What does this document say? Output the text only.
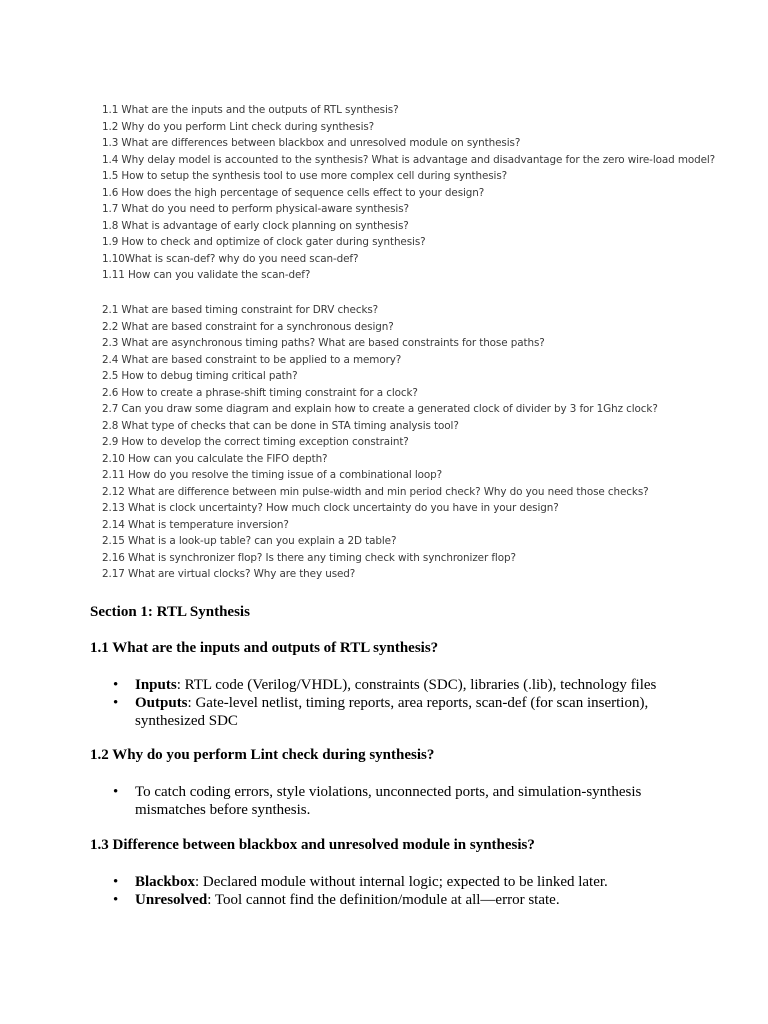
1.1 What are the inputs and the outputs of RTL synthesis?
1.2 Why do you perform Lint check during synthesis?
1.3 What are differences between blackbox and unresolved module on synthesis?
1.4 Why delay model is accounted to the synthesis? What is advantage and disadvantage for the zero wire-load model?
1.5 How to setup the synthesis tool to use more complex cell during synthesis?
1.6 How does the high percentage of sequence cells effect to your design?
1.7 What do you need to perform physical-aware synthesis?
1.8 What is advantage of early clock planning on synthesis?
1.9 How to check and optimize of clock gater during synthesis?
1.10What is scan-def? why do you need scan-def?
1.11 How can you validate the scan-def?
2.1 What are based timing constraint for DRV checks?
2.2 What are based constraint for a synchronous design?
2.3 What are asynchronous timing paths? What are based constraints for those paths?
2.4 What are based constraint to be applied to a memory?
2.5 How to debug timing critical path?
2.6 How to create a phrase-shift timing constraint for a clock?
2.7 Can you draw some diagram and explain how to create a generated clock of divider by 3 for 1Ghz clock?
2.8 What type of checks that can be done in STA timing analysis tool?
2.9 How to develop the correct timing exception constraint?
2.10 How can you calculate the FIFO depth?
2.11 How do you resolve the timing issue of a combinational loop?
2.12 What are difference between min pulse-width and min period check? Why do you need those checks?
2.13 What is clock uncertainty? How much clock uncertainty do you have in your design?
2.14 What is temperature inversion?
2.15 What is a look-up table? can you explain a 2D table?
2.16 What is synchronizer flop? Is there any timing check with synchronizer flop?
2.17 What are virtual clocks? Why are they used?
Section 1: RTL Synthesis
1.1 What are the inputs and outputs of RTL synthesis?
• Inputs: RTL code (Verilog/VHDL), constraints (SDC), libraries (.lib), technology files
• Outputs: Gate-level netlist, timing reports, area reports, scan-def (for scan insertion), synthesized SDC
1.2 Why do you perform Lint check during synthesis?
• To catch coding errors, style violations, unconnected ports, and simulation-synthesis mismatches before synthesis.
1.3 Difference between blackbox and unresolved module in synthesis?
• Blackbox: Declared module without internal logic; expected to be linked later.
• Unresolved: Tool cannot find the definition/module at all—error state.
